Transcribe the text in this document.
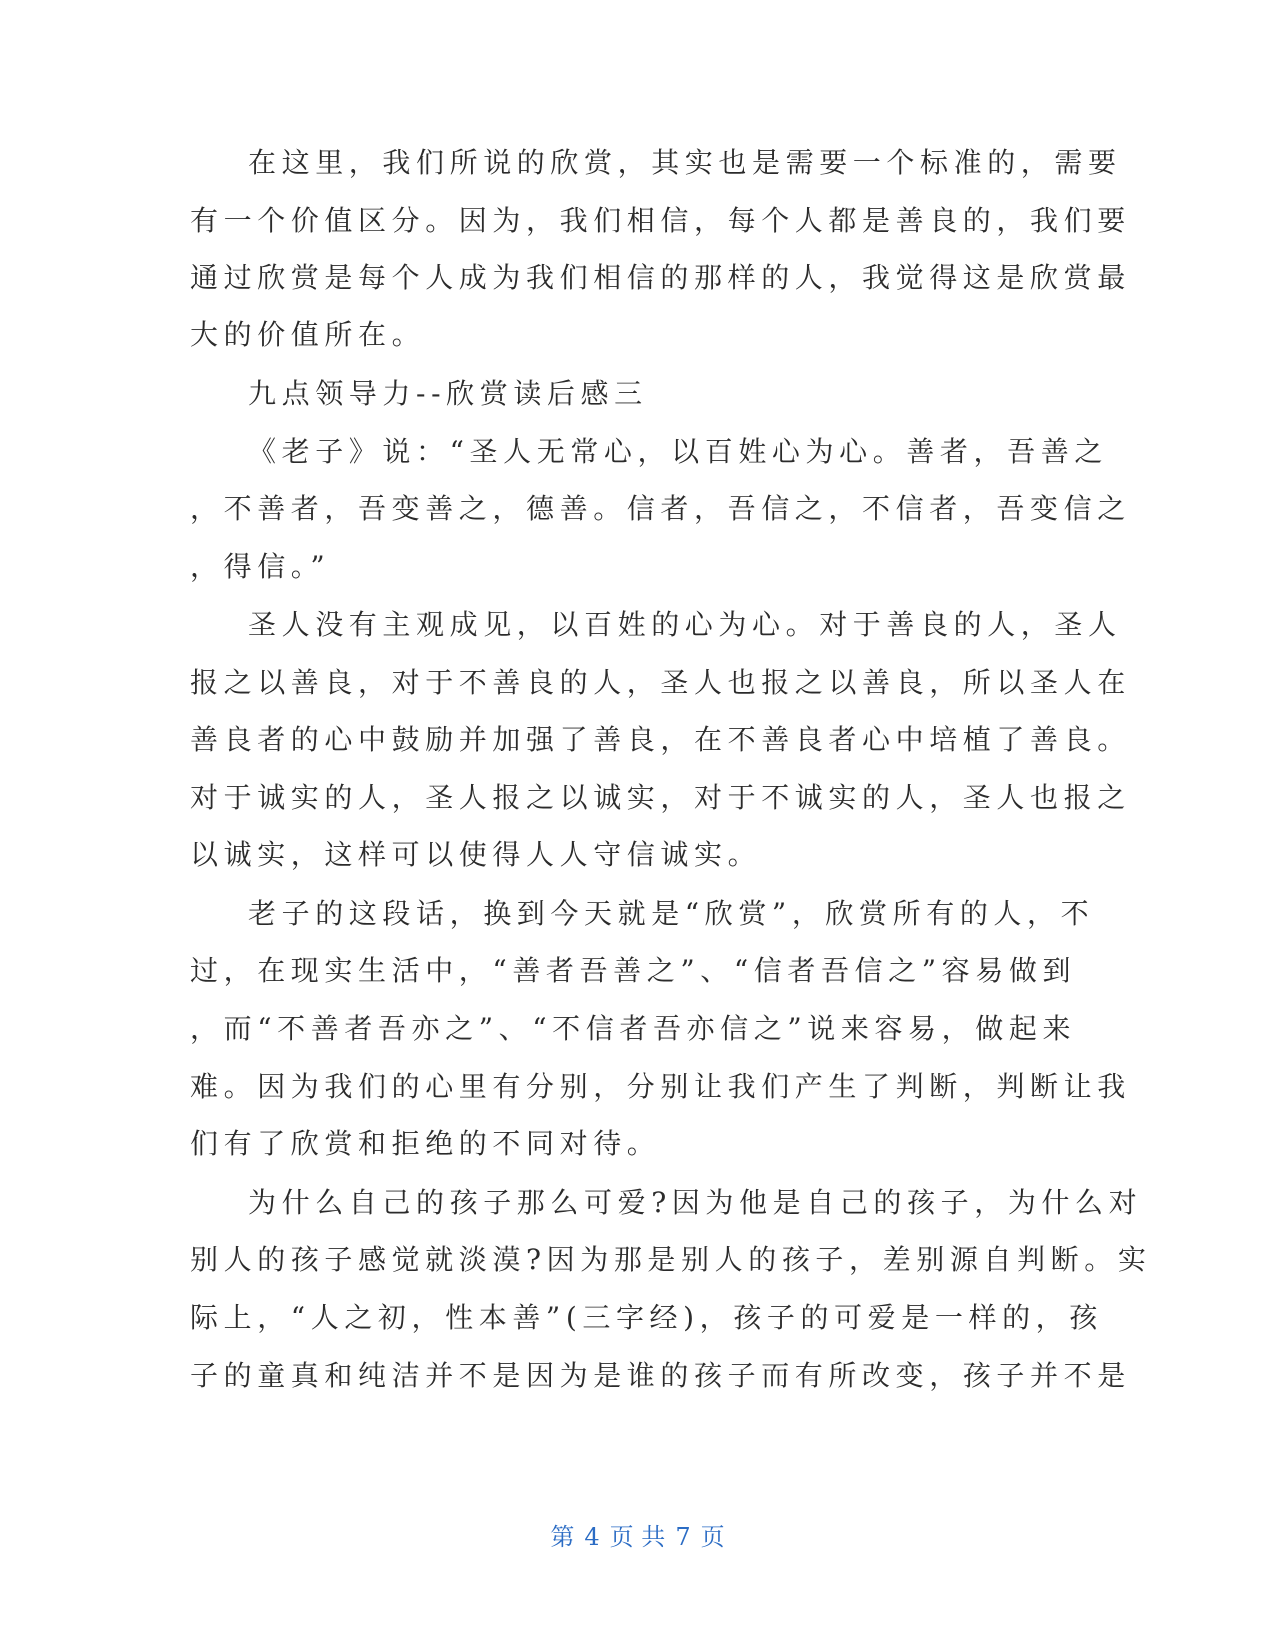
在这里，我们所说的欣赏，其实也是需要一个标准的，需要
有一个价值区分。因为，我们相信，每个人都是善良的，我们要
通过欣赏是每个人成为我们相信的那样的人，我觉得这是欣赏最
大的价值所在。
九点领导力--欣赏读后感三
《老子》说：“圣人无常心，以百姓心为心。善者，吾善之
，不善者，吾变善之，德善。信者，吾信之，不信者，吾变信之
，得信。”
圣人没有主观成见，以百姓的心为心。对于善良的人，圣人
报之以善良，对于不善良的人，圣人也报之以善良，所以圣人在
善良者的心中鼓励并加强了善良，在不善良者心中培植了善良。
对于诚实的人，圣人报之以诚实，对于不诚实的人，圣人也报之
以诚实，这样可以使得人人守信诚实。
老子的这段话，换到今天就是“欣赏”，欣赏所有的人，不
过，在现实生活中，“善者吾善之”、“信者吾信之”容易做到
，而“不善者吾亦之”、“不信者吾亦信之”说来容易，做起来
难。因为我们的心里有分别，分别让我们产生了判断，判断让我
们有了欣赏和拒绝的不同对待。
为什么自己的孩子那么可爱?因为他是自己的孩子，为什么对
别人的孩子感觉就淡漠?因为那是别人的孩子，差别源自判断。实
际上，“人之初，性本善”(三字经)，孩子的可爱是一样的，孩
子的童真和纯洁并不是因为是谁的孩子而有所改变，孩子并不是
第 4 页 共 7 页
